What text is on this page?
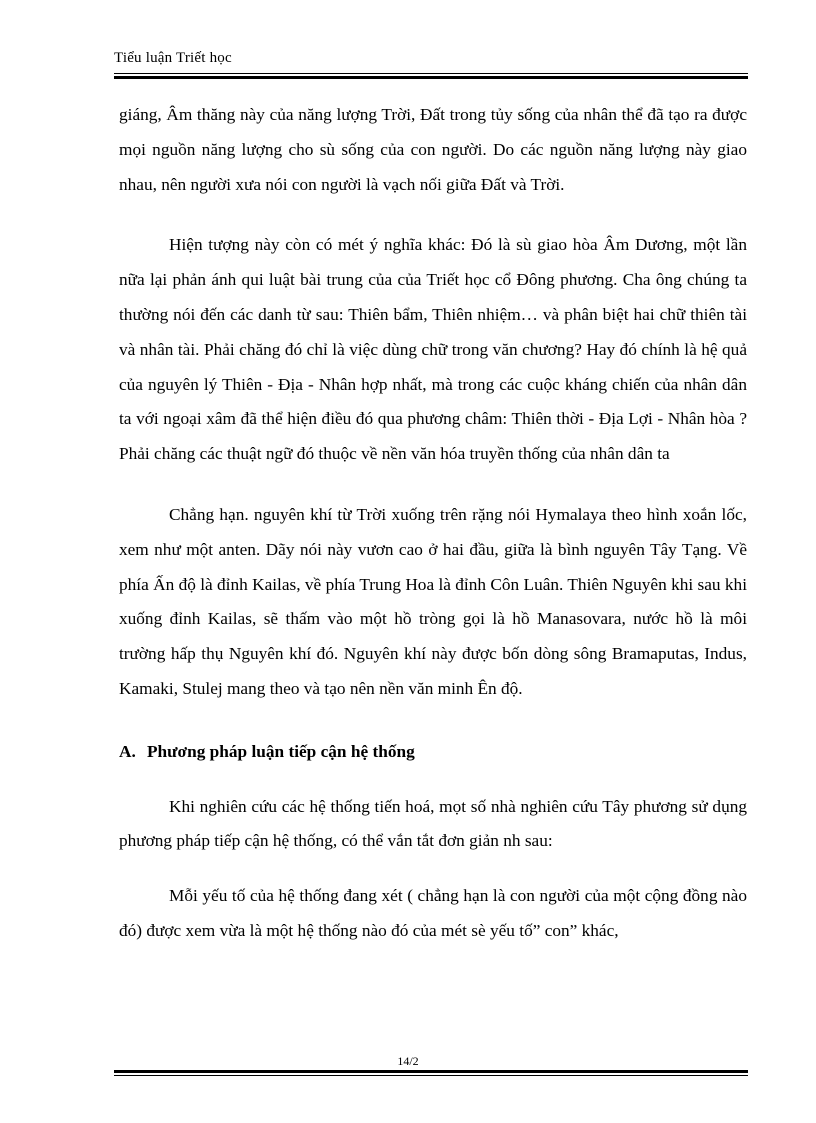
Tiểu luận Triết học

giáng, Âm thăng này của năng lượng Trời, Đất trong tủy sống của nhân thể đã tạo ra được mọi nguồn năng lượng cho sù sống của con người. Do các nguồn năng lượng này giao nhau, nên người xưa nói con người là vạch nối giữa Đất và Trời.

Hiện tượng này còn có mét ý nghĩa khác: Đó là sù giao hòa Âm Dương, một lần nữa lại phản ánh qui luật bài trung của của Triết học cổ Đông phương. Cha ông chúng ta thường nói đến các danh từ sau: Thiên bẩm, Thiên nhiệm… và phân biệt hai chữ thiên tài và nhân tài. Phải chăng đó chỉ là việc dùng chữ trong văn chương? Hay đó chính là hệ quả của nguyên lý Thiên - Địa - Nhân hợp nhất, mà trong các cuộc kháng chiến của nhân dân ta với ngoại xâm đã thể hiện điều đó qua phương châm: Thiên thời - Địa Lợi - Nhân hòa ? Phải chăng các thuật ngữ đó thuộc về nền văn hóa truyền thống của nhân dân ta

Chẳng hạn. nguyên khí từ Trời xuống trên rặng nói Hymalaya theo hình xoắn lốc, xem như một anten. Dãy nói này vươn cao ở hai đầu, giữa là bình nguyên Tây Tạng. Về phía Ấn độ là đỉnh Kailas, về phía Trung Hoa là đỉnh Côn Luân. Thiên Nguyên khi sau khi xuống đỉnh Kailas, sẽ thấm vào một hồ tròng gọi là hồ Manasovara, nước hồ là môi trường hấp thụ Nguyên khí đó. Nguyên khí này được bốn dòng sông Bramaputas, Indus, Kamaki, Stulej mang theo và tạo nên nền văn minh Ên độ.

A. Phương pháp luận tiếp cận hệ thống

Khi nghiên cứu các hệ thống tiến hoá, mọt số nhà nghiên cứu Tây phương sử dụng phương pháp tiếp cận hệ thống, có thể vắn tắt đơn giản nh sau:

Mỗi yếu tố của hệ thống đang xét ( chẳng hạn là con người của một cộng đồng nào đó) được xem vừa là một hệ thống nào đó của mét sè yếu tố” con” khác,

14/2
